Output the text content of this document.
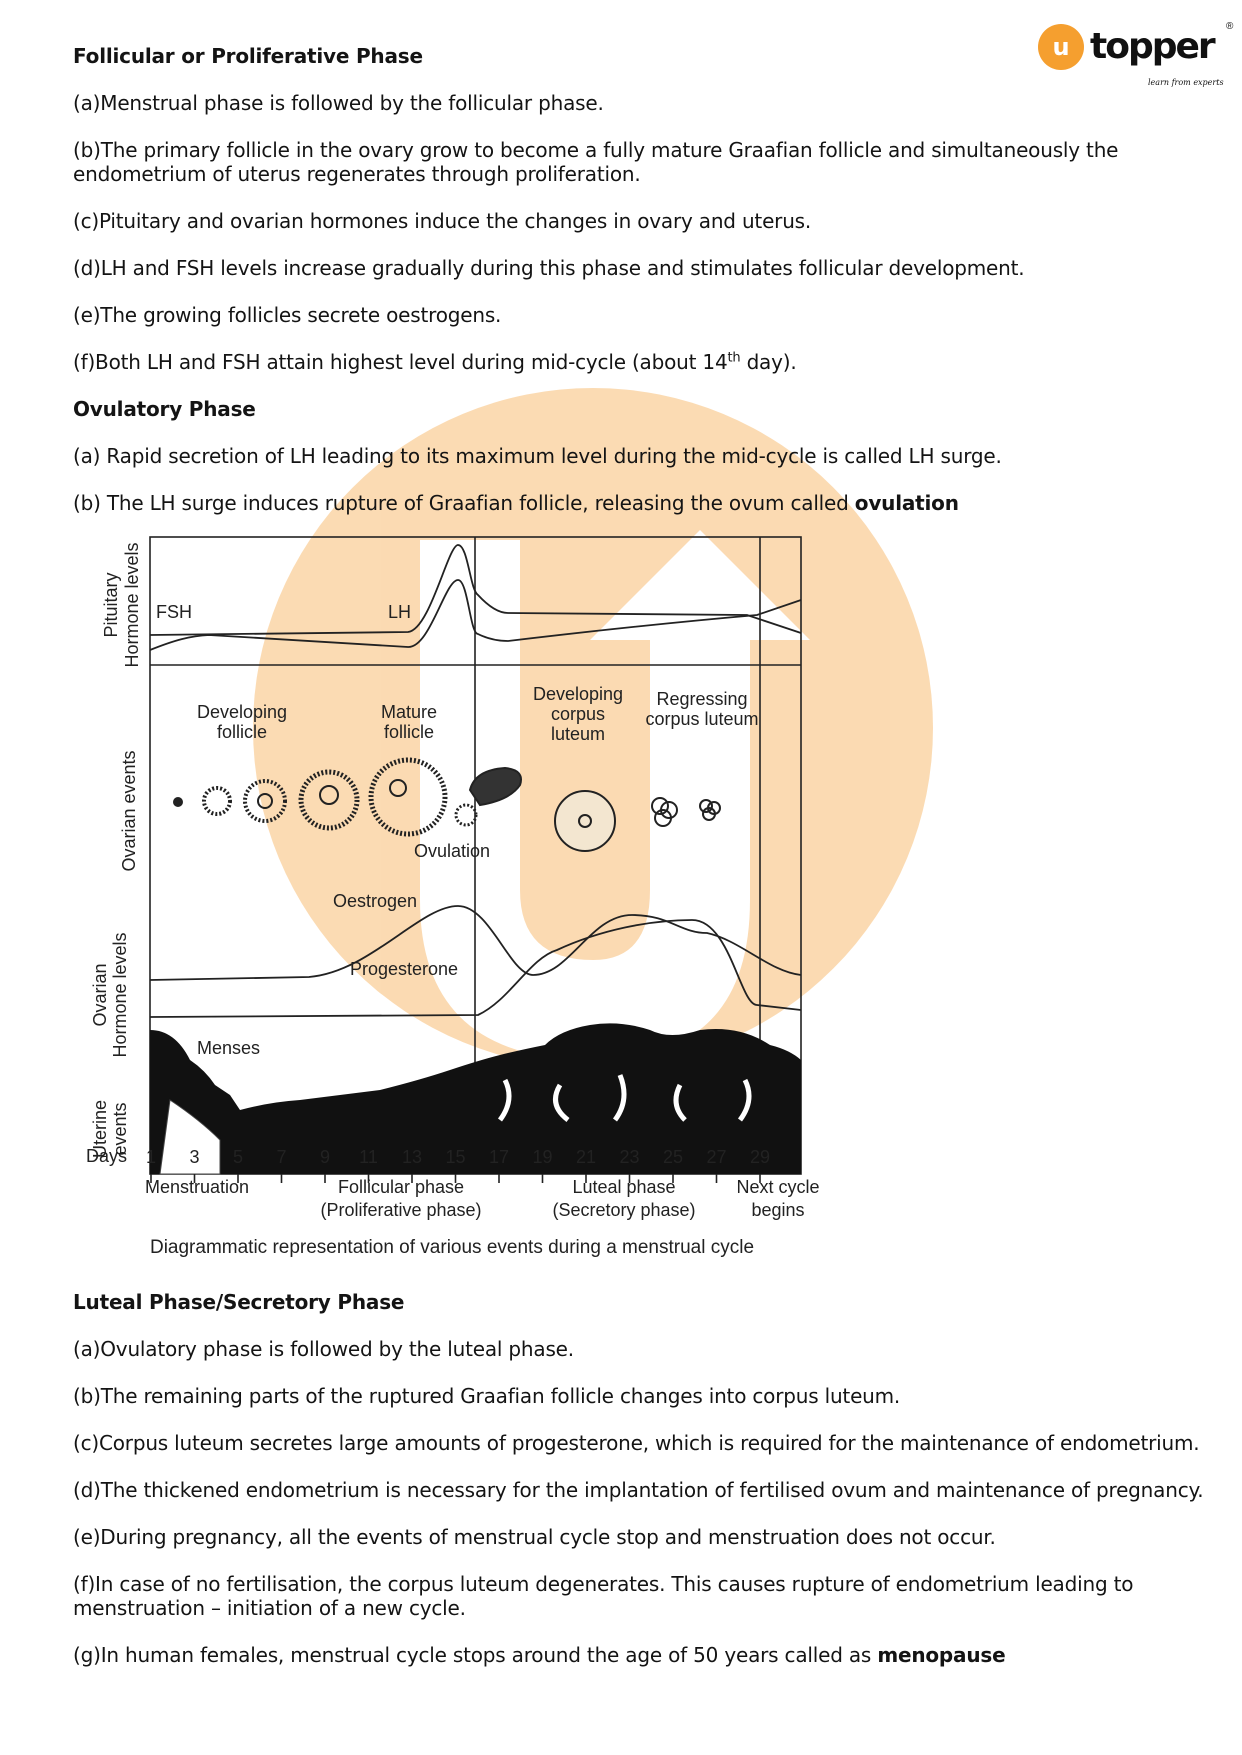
Pituitary Hormone levels
Ovarian events
Ovarian Hormone levels
Uterine events
FSH	LH
Oestrogen
Progesterone
Developing
follicle
Mature
follicle
Developing
corpus
luteum
Regressing
corpus luteum
Ovulation
Menses
Days 1 3 5 7 9 11 13 15 17 19 21 23 25 27 29
Menstruation	Follicular phase
(Proliferative phase)
Luteal phase
(Secretory phase)
Next cycle
begins
Diagrammatic representation of various events during a menstrual cycle
u topper ®
learn from experts

Follicular or Proliferative Phase

(a)Menstrual phase is followed by the follicular phase.

(b)The primary follicle in the ovary grow to become a fully mature Graafian follicle and simultaneously the endometrium of uterus regenerates through proliferation.

(c)Pituitary and ovarian hormones induce the changes in ovary and uterus.

(d)LH and FSH levels increase gradually during this phase and stimulates follicular development.

(e)The growing follicles secrete oestrogens.

(f)Both LH and FSH attain highest level during mid-cycle (about 14th day).

Ovulatory Phase

(a) Rapid secretion of LH leading to its maximum level during the mid-cycle is called LH surge.

(b) The LH surge induces rupture of Graafian follicle, releasing the ovum called ovulation

Luteal Phase/Secretory Phase

(a)Ovulatory phase is followed by the luteal phase.

(b)The remaining parts of the ruptured Graafian follicle changes into corpus luteum.

(c)Corpus luteum secretes large amounts of progesterone, which is required for the maintenance of endometrium.

(d)The thickened endometrium is necessary for the implantation of fertilised ovum and maintenance of pregnancy.

(e)During pregnancy, all the events of menstrual cycle stop and menstruation does not occur.

(f)In case of no fertilisation, the corpus luteum degenerates. This causes rupture of endometrium leading to menstruation – initiation of a new cycle.

(g)In human females, menstrual cycle stops around the age of 50 years called as menopause
